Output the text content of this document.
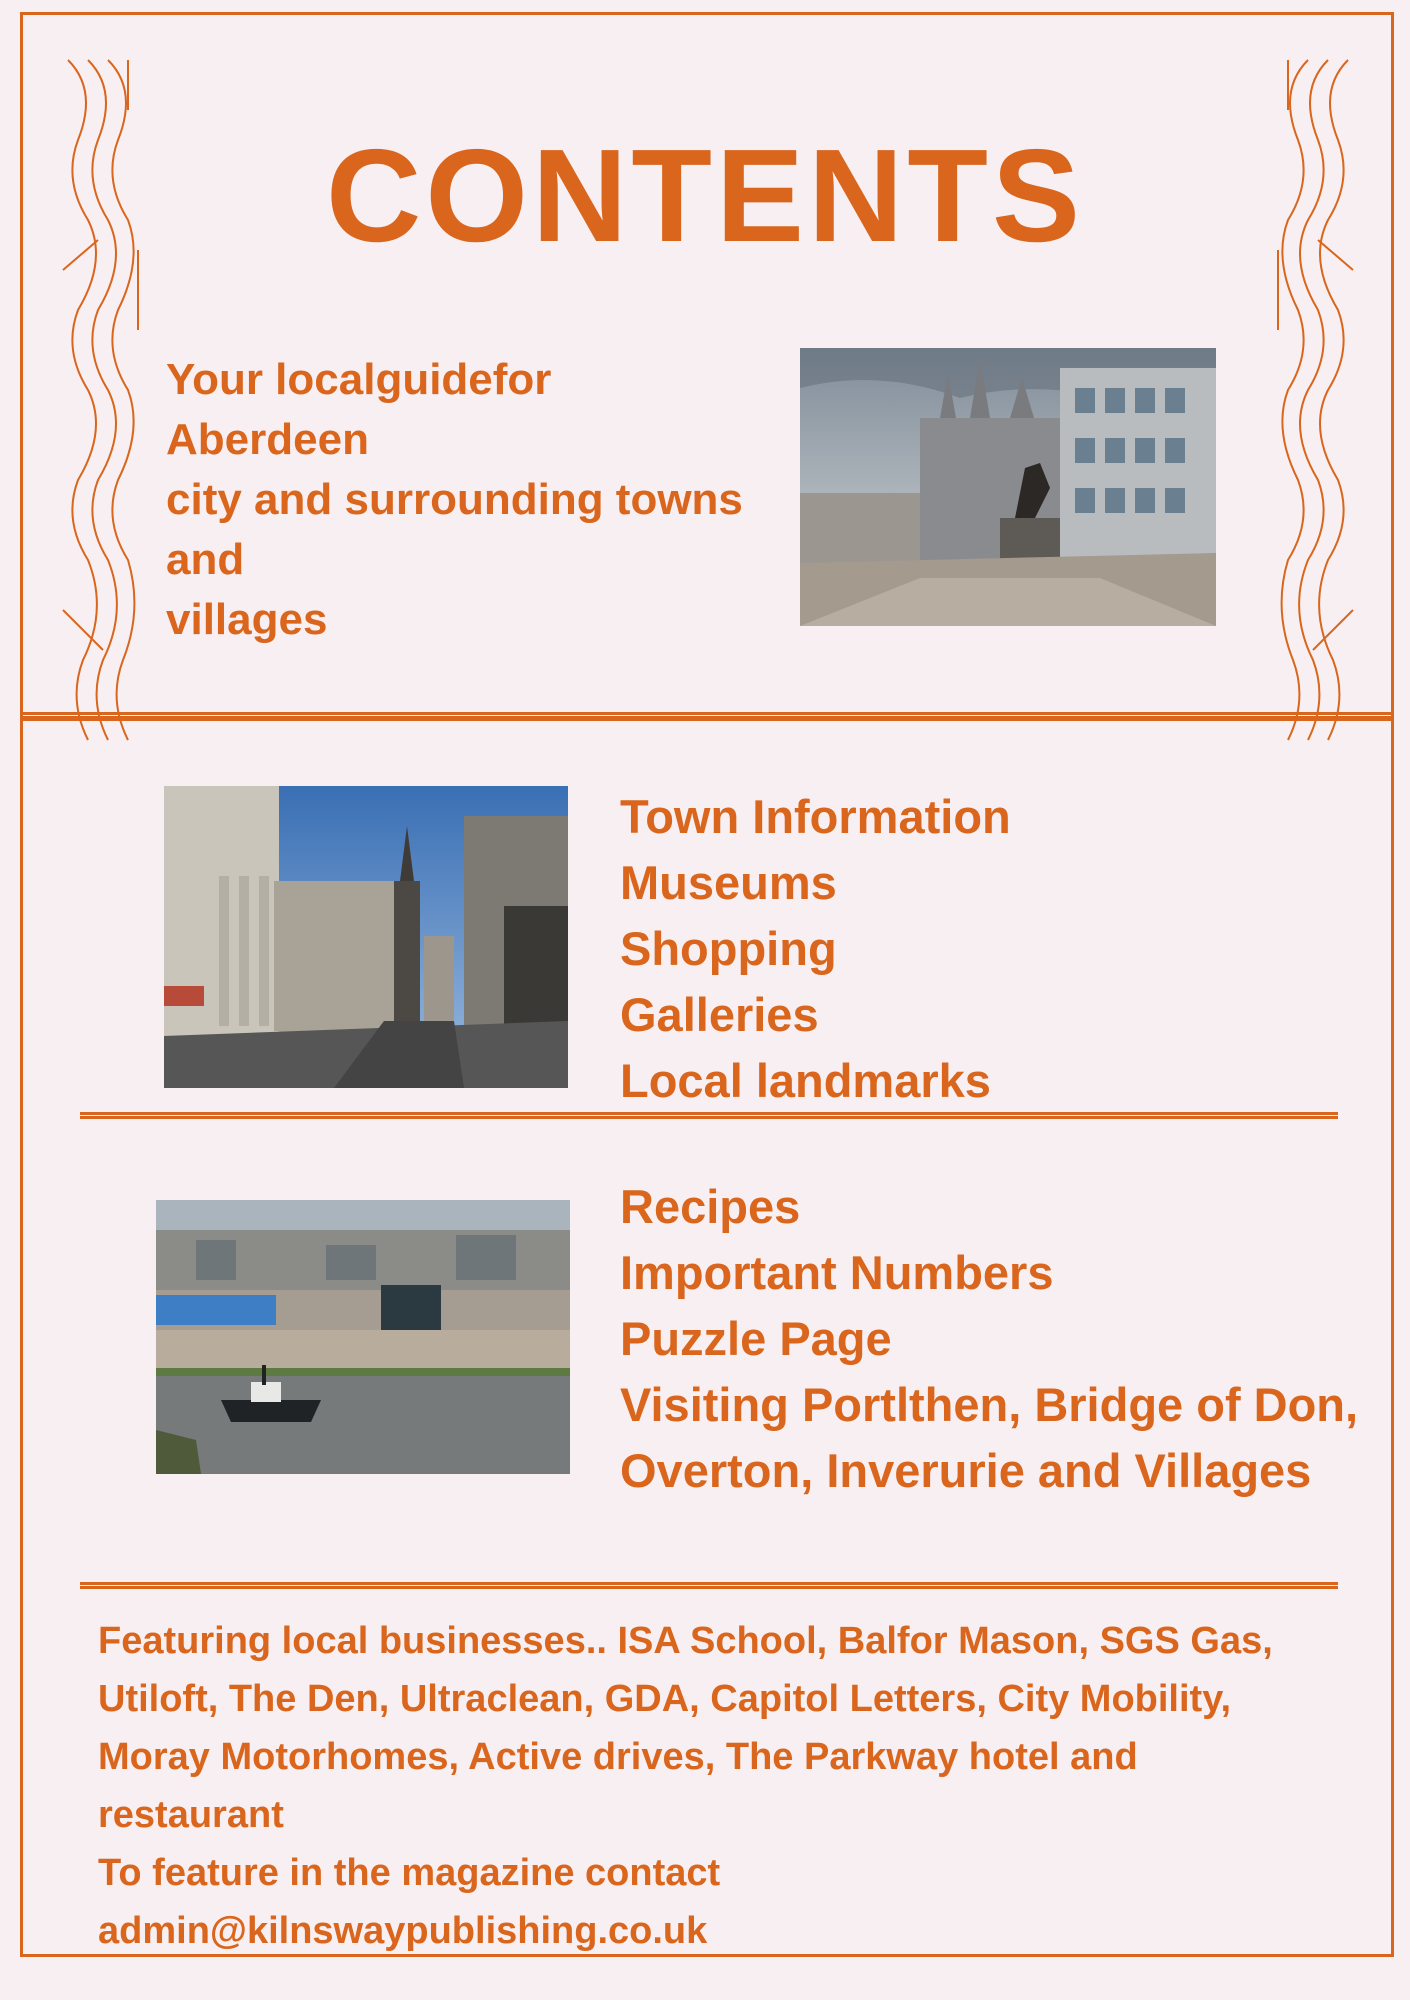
CONTENTS

Your localguidefor
Aberdeen
city and surrounding towns
and
villages

Town Information
Museums
Shopping
Galleries
Local landmarks
Recipes
Important Numbers
Puzzle Page
Visiting Portlthen, Bridge of Don,
Overton, Inverurie and Villages

Featuring local businesses.. ISA School, Balfor Mason, SGS Gas,
Utiloft, The Den, Ultraclean, GDA, Capitol Letters, City Mobility,
Moray Motorhomes, Active drives, The Parkway hotel and
restaurant
To feature in the magazine contact
admin@kilnswaypublishing.co.uk
